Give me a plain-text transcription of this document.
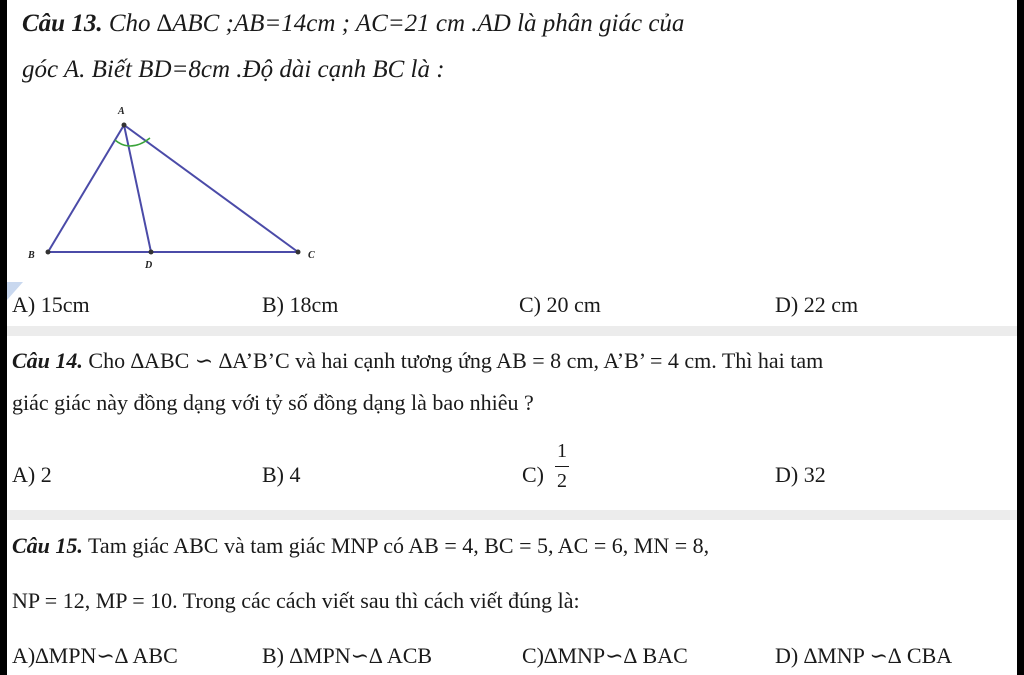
Câu 13. Cho ∆ABC ;AB=14cm ; AC=21 cm .AD là phân giác của
góc A. Biết BD=8cm .Độ dài cạnh BC là :
A
B	C
D
A) 15cm	B) 18cm	C) 20 cm	D) 22 cm
Câu 14. Cho ∆ABC ∽ ∆A’B’C và hai cạnh tương ứng AB = 8 cm, A’B’ = 4 cm. Thì hai tam
giác giác này đồng dạng với tỷ số đồng dạng là bao nhiêu ?
A) 2	B) 4	C)
1
2	D) 32
Câu 15. Tam giác ABC và tam giác MNP có AB = 4, BC = 5, AC = 6, MN = 8,
NP = 12, MP = 10. Trong các cách viết sau thì cách viết đúng là:
A)∆MPN∽∆ ABC	B) ∆MPN∽∆ ACB	C)∆MNP∽∆ BAC	D) ∆MNP ∽∆ CBA
